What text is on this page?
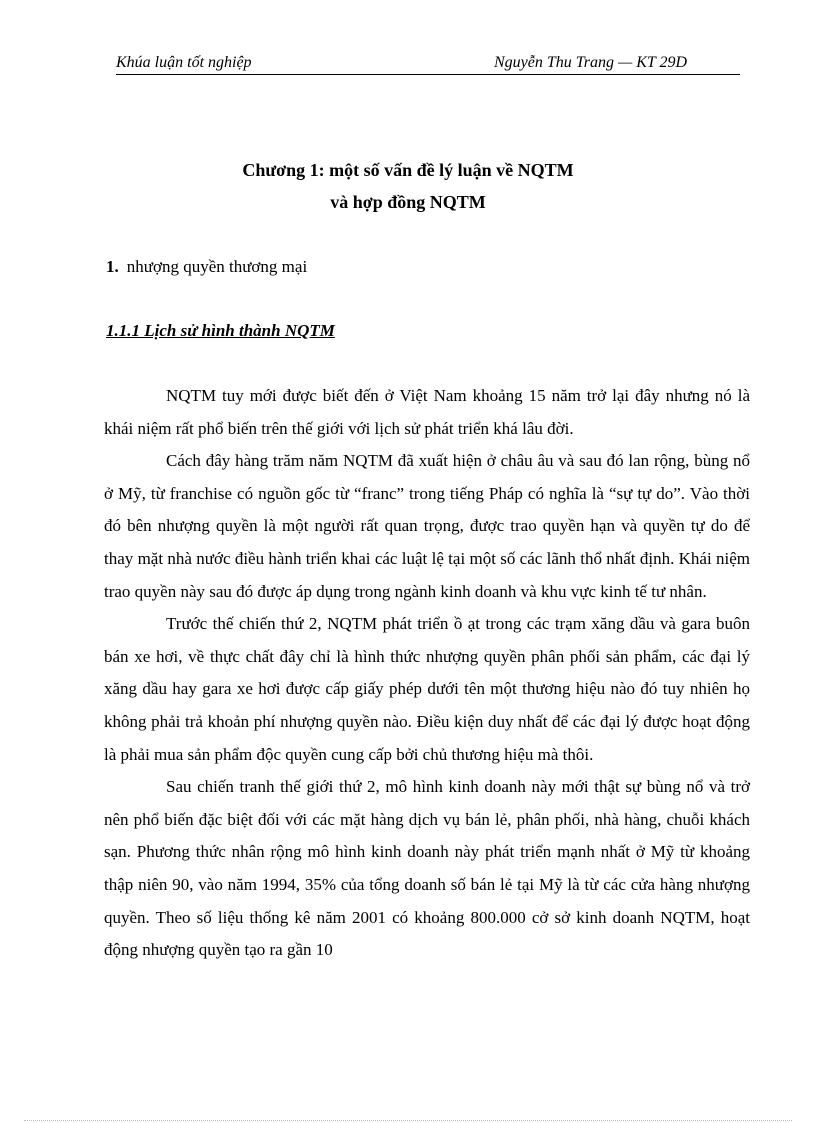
Khúa luận tốt nghiệp	Nguyễn Thu Trang — KT 29D
Chương 1: một số vấn đề lý luận về NQTM
và hợp đồng NQTM
1. nhượng quyền thương mại
1.1.1 Lịch sử hình thành NQTM

NQTM tuy mới được biết đến ở Việt Nam khoảng 15 năm trở lại đây nhưng nó là khái niệm rất phổ biến trên thế giới với lịch sử phát triển khá lâu đời.

Cách đây hàng trăm năm NQTM đã xuất hiện ở châu âu và sau đó lan rộng, bùng nổ ở Mỹ, từ franchise có nguồn gốc từ “franc” trong tiếng Pháp có nghĩa là “sự tự do”. Vào thời đó bên nhượng quyền là một người rất quan trọng, được trao quyền hạn và quyền tự do để thay mặt nhà nước điều hành triển khai các luật lệ tại một số các lãnh thổ nhất định. Khái niệm trao quyền này sau đó được áp dụng trong ngành kinh doanh và khu vực kinh tế tư nhân.

Trước thế chiến thứ 2, NQTM phát triển ồ ạt trong các trạm xăng dầu và gara buôn bán xe hơi, về thực chất đây chỉ là hình thức nhượng quyền phân phối sản phẩm, các đại lý xăng dầu hay gara xe hơi được cấp giấy phép dưới tên một thương hiệu nào đó tuy nhiên họ không phải trả khoản phí nhượng quyền nào. Điều kiện duy nhất để các đại lý được hoạt động là phải mua sản phẩm độc quyền cung cấp bởi chủ thương hiệu mà thôi.

Sau chiến tranh thế giới thứ 2, mô hình kinh doanh này mới thật sự bùng nổ và trở nên phổ biến đặc biệt đối với các mặt hàng dịch vụ bán lẻ, phân phối, nhà hàng, chuỗi khách sạn. Phương thức nhân rộng mô hình kinh doanh này phát triển mạnh nhất ở Mỹ từ khoảng thập niên 90, vào năm 1994, 35% của tổng doanh số bán lẻ tại Mỹ là từ các cửa hàng nhượng quyền. Theo số liệu thống kê năm 2001 có khoảng 800.000 cở sở kinh doanh NQTM, hoạt động nhượng quyền tạo ra gần 10
